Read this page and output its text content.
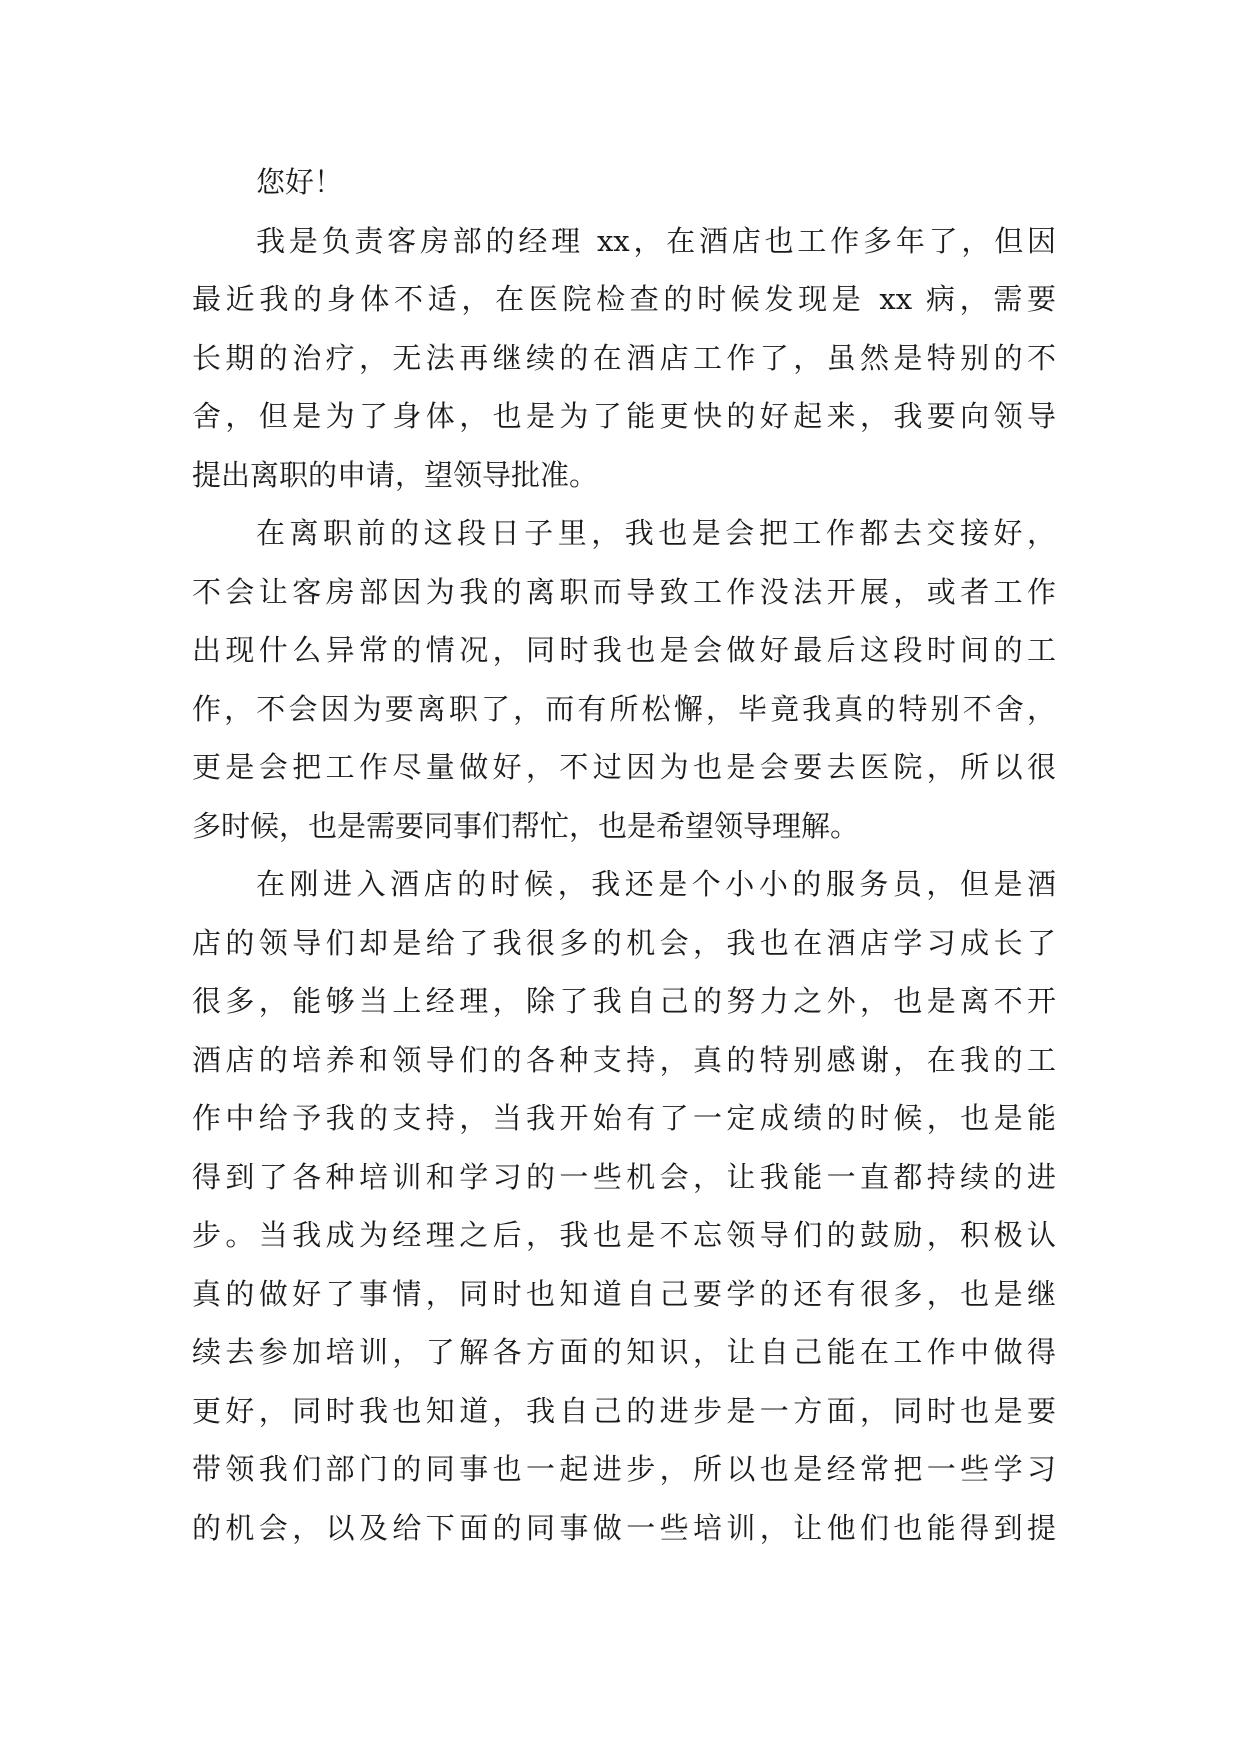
您好！
我是负责客房部的经理 xx，在酒店也工作多年了，但因
最近我的身体不适，在医院检查的时候发现是 xx 病，需要
长期的治疗，无法再继续的在酒店工作了，虽然是特别的不
舍，但是为了身体，也是为了能更快的好起来，我要向领导
提出离职的申请，望领导批准。
在离职前的这段日子里，我也是会把工作都去交接好，
不会让客房部因为我的离职而导致工作没法开展，或者工作
出现什么异常的情况，同时我也是会做好最后这段时间的工
作，不会因为要离职了，而有所松懈，毕竟我真的特别不舍，
更是会把工作尽量做好，不过因为也是会要去医院，所以很
多时候，也是需要同事们帮忙，也是希望领导理解。
在刚进入酒店的时候，我还是个小小的服务员，但是酒
店的领导们却是给了我很多的机会，我也在酒店学习成长了
很多，能够当上经理，除了我自己的努力之外，也是离不开
酒店的培养和领导们的各种支持，真的特别感谢，在我的工
作中给予我的支持，当我开始有了一定成绩的时候，也是能
得到了各种培训和学习的一些机会，让我能一直都持续的进
步。当我成为经理之后，我也是不忘领导们的鼓励，积极认
真的做好了事情，同时也知道自己要学的还有很多，也是继
续去参加培训，了解各方面的知识，让自己能在工作中做得
更好，同时我也知道，我自己的进步是一方面，同时也是要
带领我们部门的同事也一起进步，所以也是经常把一些学习
的机会，以及给下面的同事做一些培训，让他们也能得到提
